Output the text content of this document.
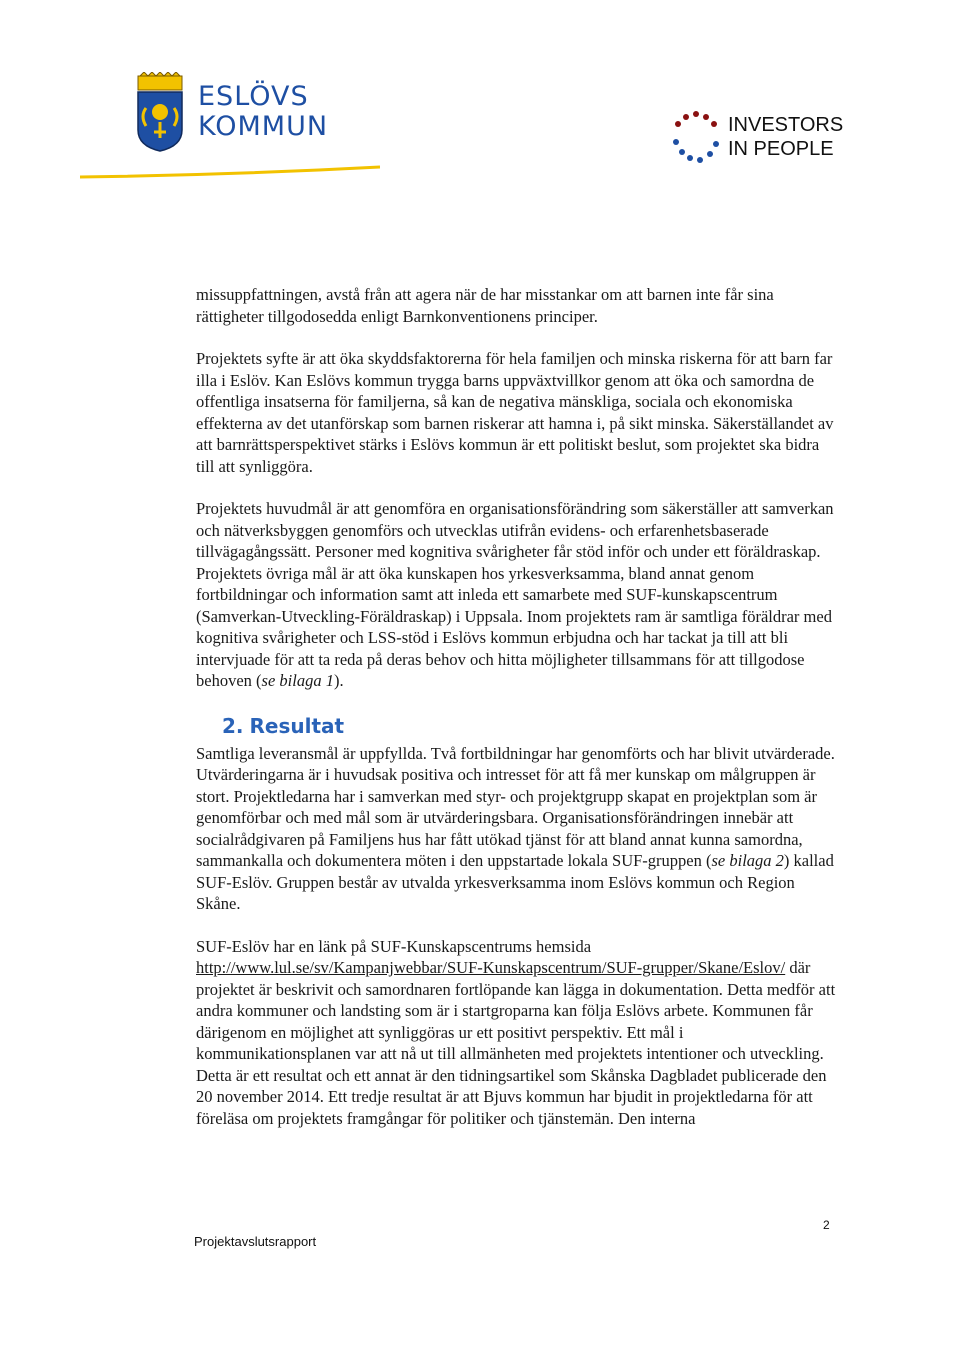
ESLÖVS
KOMMUN	INVESTORS
IN PEOPLE

missuppfattningen, avstå från att agera när de har misstankar om att barnen inte får sina rättigheter tillgodosedda enligt Barnkonventionens principer.

Projektets syfte är att öka skyddsfaktorerna för hela familjen och minska riskerna för att barn far illa i Eslöv. Kan Eslövs kommun trygga barns uppväxtvillkor genom att öka och samordna de offentliga insatserna för familjerna, så kan de negativa mänskliga, sociala och ekonomiska effekterna av det utanförskap som barnen riskerar att hamna i, på sikt minska. Säkerställandet av att barnrättsperspektivet stärks i Eslövs kommun är ett politiskt beslut, som projektet ska bidra till att synliggöra.

Projektets huvudmål är att genomföra en organisationsförändring som säkerställer att samverkan och nätverksbyggen genomförs och utvecklas utifrån evidens- och erfarenhetsbaserade tillvägagångssätt. Personer med kognitiva svårigheter får stöd inför och under ett föräldraskap. Projektets övriga mål är att öka kunskapen hos yrkesverksamma, bland annat genom fortbildningar och information samt att inleda ett samarbete med SUF-kunskapscentrum (Samverkan-Utveckling-Föräldraskap) i Uppsala. Inom projektets ram är samtliga föräldrar med kognitiva svårigheter och LSS-stöd i Eslövs kommun erbjudna och har tackat ja till att bli intervjuade för att ta reda på deras behov och hitta möjligheter tillsammans för att tillgodose behoven (se bilaga 1).

2. Resultat

Samtliga leveransmål är uppfyllda. Två fortbildningar har genomförts och har blivit utvärderade. Utvärderingarna är i huvudsak positiva och intresset för att få mer kunskap om målgruppen är stort. Projektledarna har i samverkan med styr- och projektgrupp skapat en projektplan som är genomförbar och med mål som är utvärderingsbara. Organisationsförändringen innebär att socialrådgivaren på Familjens hus har fått utökad tjänst för att bland annat kunna samordna, sammankalla och dokumentera möten i den uppstartade lokala SUF-gruppen (se bilaga 2) kallad SUF-Eslöv. Gruppen består av utvalda yrkesverksamma inom Eslövs kommun och Region Skåne.

SUF-Eslöv har en länk på SUF-Kunskapscentrums hemsida
http://www.lul.se/sv/Kampanjwebbar/SUF-Kunskapscentrum/SUF-grupper/Skane/Eslov/ där projektet är beskrivit och samordnaren fortlöpande kan lägga in dokumentation. Detta medför att andra kommuner och landsting som är i startgroparna kan följa Eslövs arbete. Kommunen får därigenom en möjlighet att synliggöras ur ett positivt perspektiv. Ett mål i kommunikationsplanen var att nå ut till allmänheten med projektets intentioner och utveckling. Detta är ett resultat och ett annat är den tidningsartikel som Skånska Dagbladet publicerade den 20 november 2014. Ett tredje resultat är att Bjuvs kommun har bjudit in projektledarna för att föreläsa om projektets framgångar för politiker och tjänstemän. Den interna

Projektavslutsrapport
2
